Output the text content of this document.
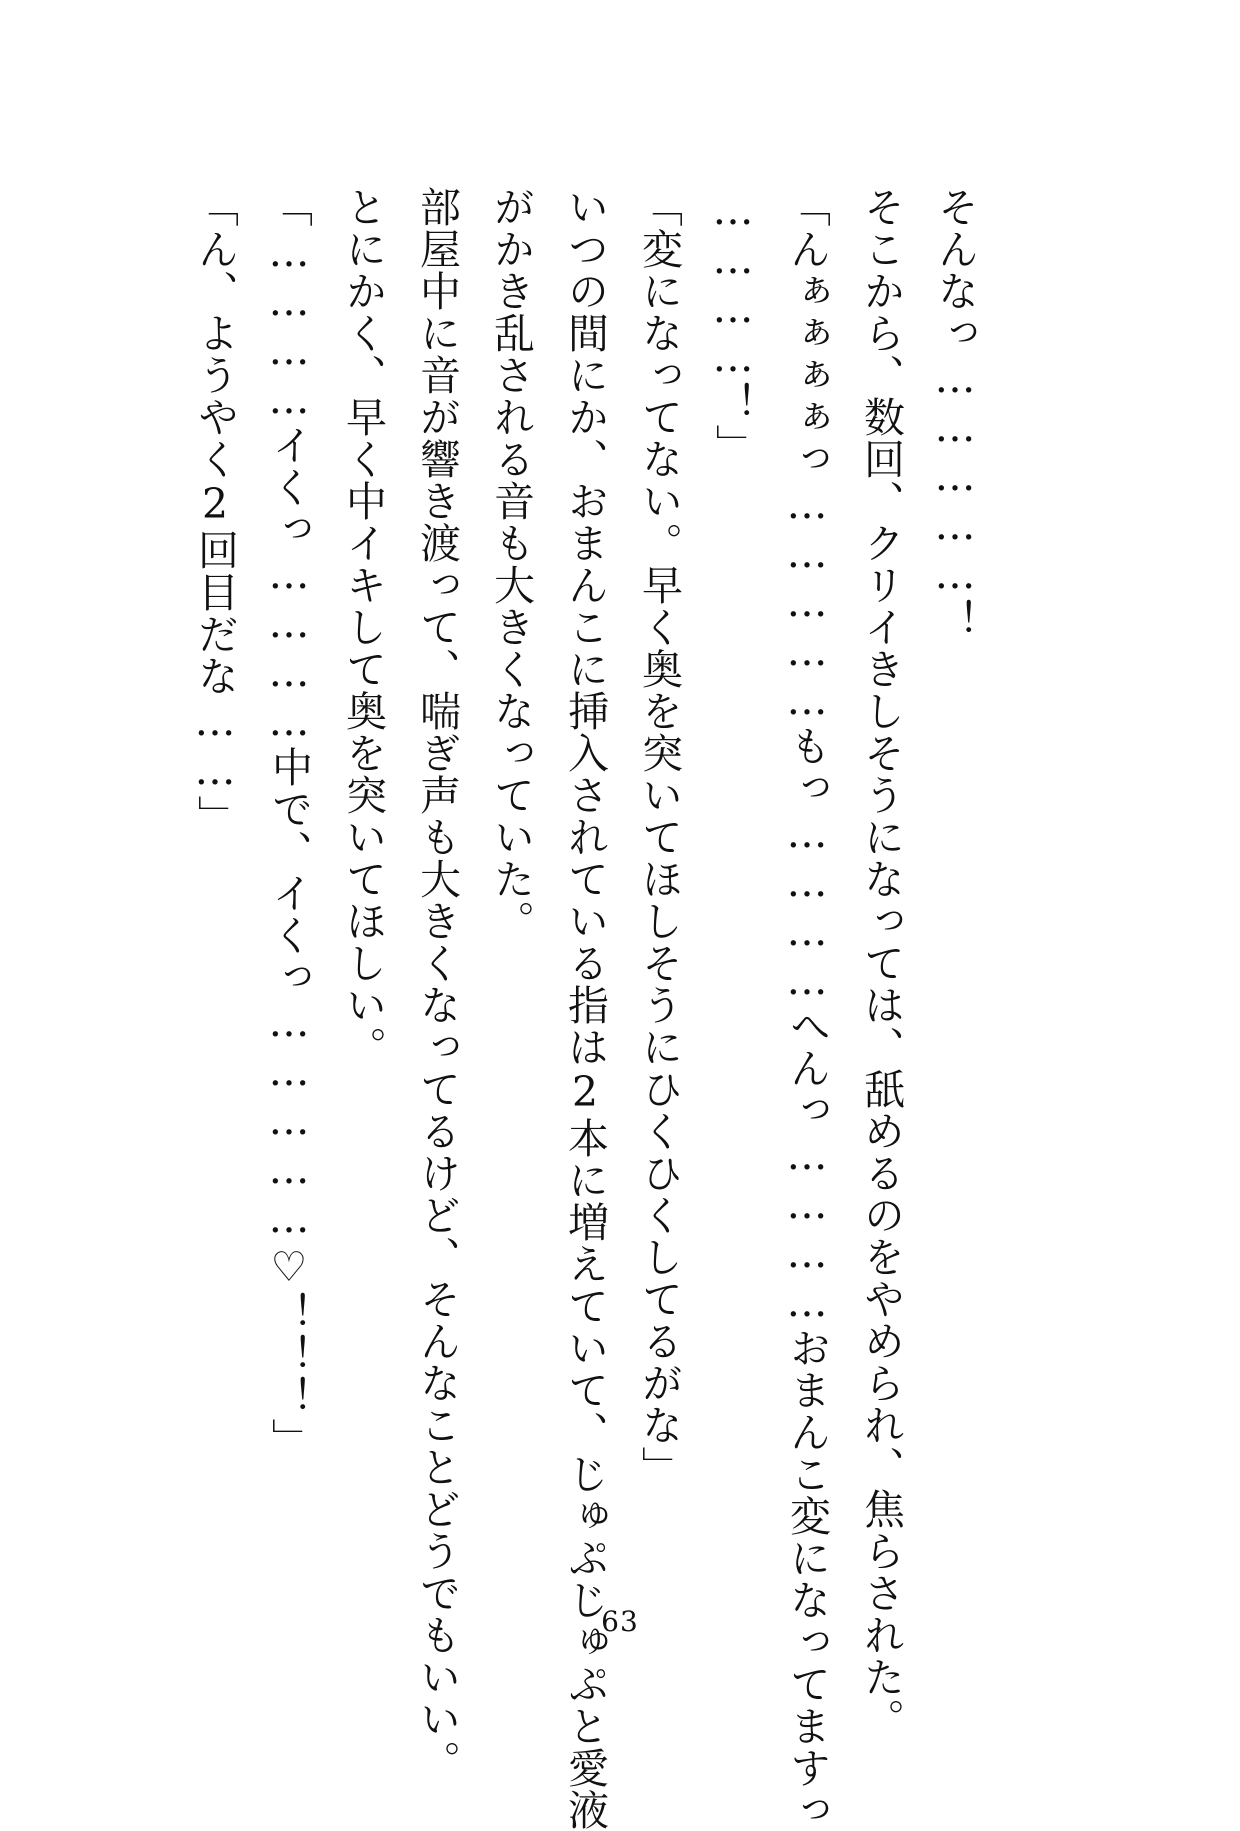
そんなっ……………！
そこから、数回、クリイきしそうになっては、舐めるのをやめられ、焦らされた。
「んぁぁぁぁっ……………もっ…………へんっ…………おまんこ変になってますっ
…………！」
「変になってない。早く奥を突いてほしそうにひくひくしてるがな」
いつの間にか、おまんこに挿入されている指は2本に増えていて、じゅぷじゅぷと愛液
がかき乱される音も大きくなっていた。
部屋中に音が響き渡って、喘ぎ声も大きくなってるけど、そんなことどうでもいい。
とにかく、早く中イキして奥を突いてほしい。
「…………イくっ…………中で、イくっ……………♡！！！」
「ん、ようやく2回目だな……」
63
